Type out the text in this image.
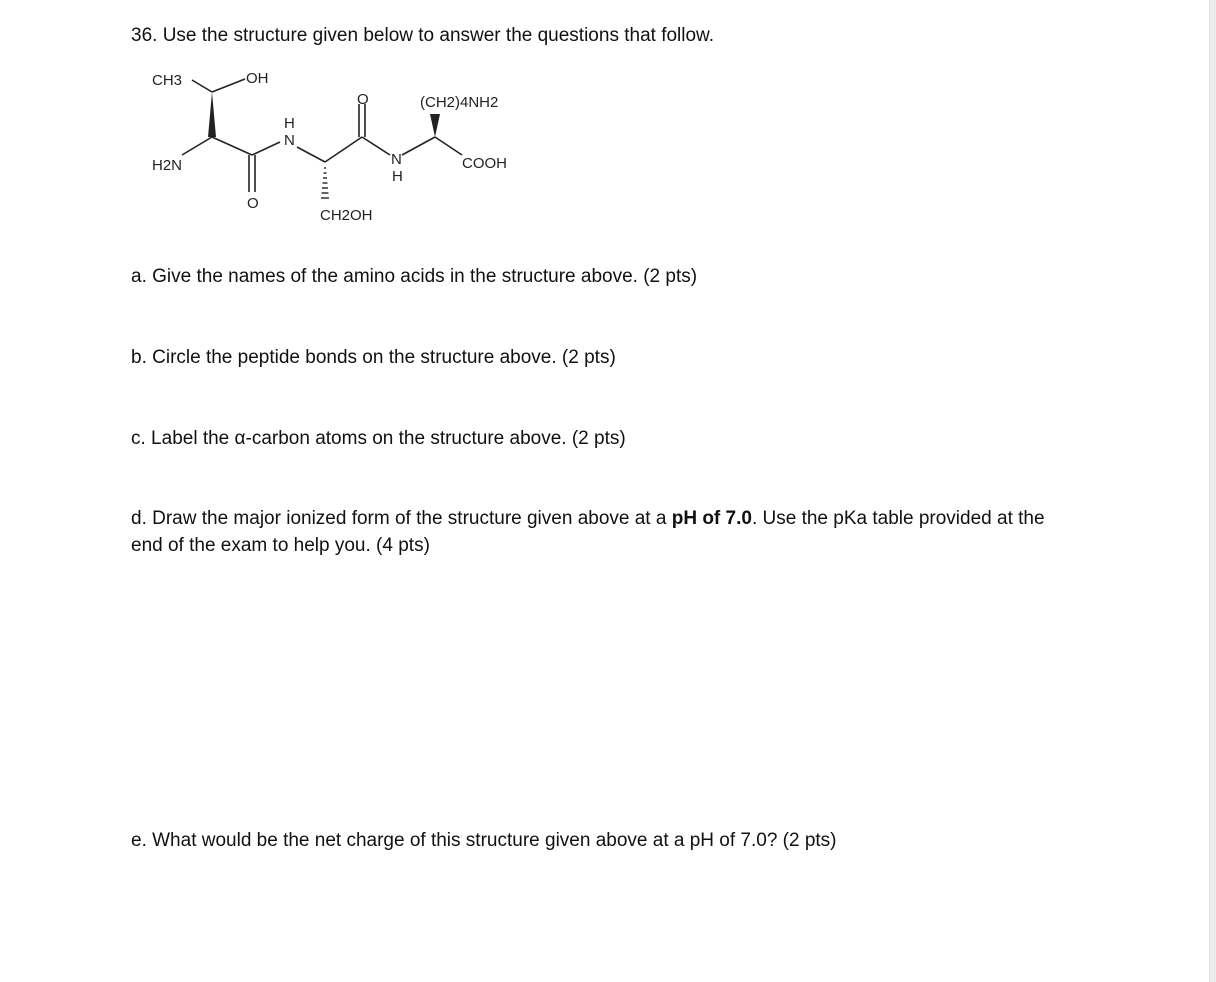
36. Use the structure given below to answer the questions that follow.
CH3	OH
H2N
O
H
N
CH2OH
O
N
H
(CH2)4NH2
COOH
a. Give the names of the amino acids in the structure above. (2 pts)
b. Circle the peptide bonds on the structure above. (2 pts)
c. Label the α-carbon atoms on the structure above. (2 pts)
d. Draw the major ionized form of the structure given above at a pH of 7.0. Use the pKa table provided at the end of the exam to help you. (4 pts)
e. What would be the net charge of this structure given above at a pH of 7.0? (2 pts)
